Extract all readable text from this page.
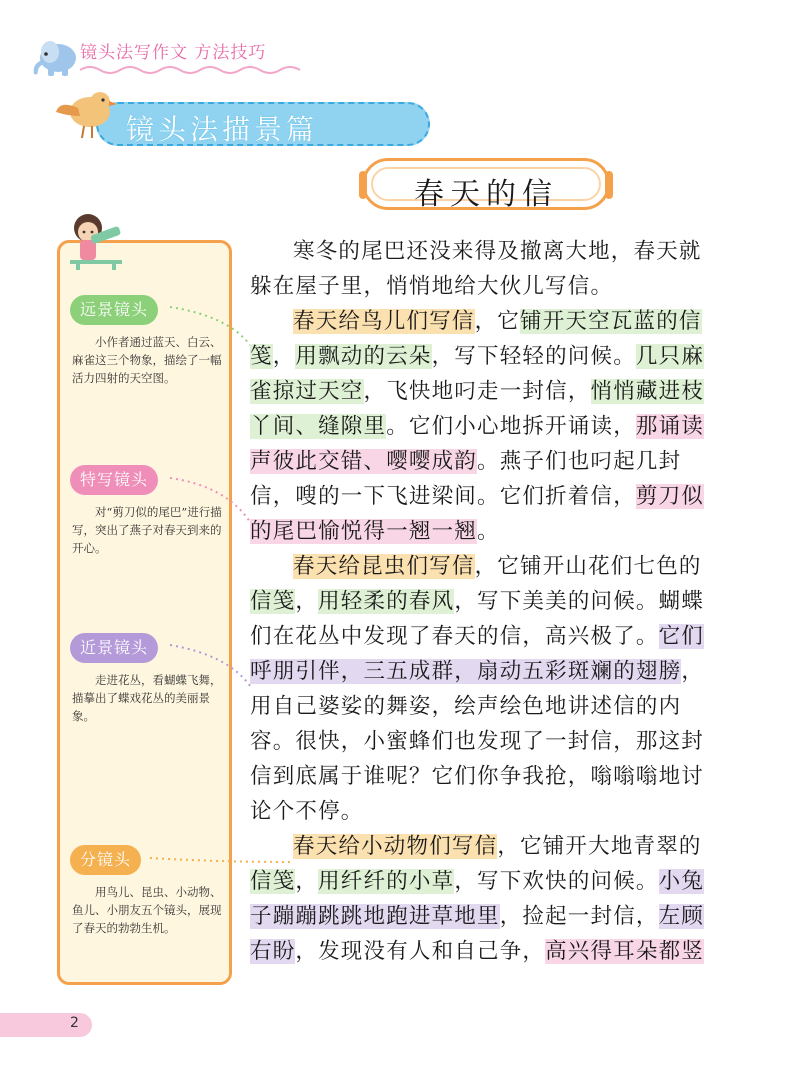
镜头法写作文 方法技巧
镜头法描景篇
春天的信
远景镜头
小作者通过蓝天、白云、麻雀这三个物象，描绘了一幅活力四射的天空图。
特写镜头
对“剪刀似的尾巴”进行描写，突出了燕子对春天到来的开心。
近景镜头
走进花丛，看蝴蝶飞舞，描摹出了蝶戏花丛的美丽景象。
分镜头
用鸟儿、昆虫、小动物、鱼儿、小朋友五个镜头，展现了春天的勃勃生机。

寒冬的尾巴还没来得及撤离大地，春天就躲在屋子里，悄悄地给大伙儿写信。

春天给鸟儿们写信，它铺开天空瓦蓝的信笺，用飘动的云朵，写下轻轻的问候。几只麻雀掠过天空，飞快地叼走一封信，悄悄藏进枝丫间、缝隙里。它们小心地拆开诵读，那诵读声彼此交错、嘤嘤成韵。燕子们也叼起几封信，嗖的一下飞进梁间。它们折着信，剪刀似的尾巴愉悦得一翘一翘。

春天给昆虫们写信，它铺开山花们七色的信笺，用轻柔的春风，写下美美的问候。蝴蝶们在花丛中发现了春天的信，高兴极了。它们呼朋引伴，三五成群，扇动五彩斑斓的翅膀，用自己婆娑的舞姿，绘声绘色地讲述信的内容。很快，小蜜蜂们也发现了一封信，那这封信到底属于谁呢？它们你争我抢，嗡嗡嗡地讨论个不停。

春天给小动物们写信，它铺开大地青翠的信笺，用纤纤的小草，写下欢快的问候。小兔子蹦蹦跳跳地跑进草地里，捡起一封信，左顾右盼，发现没有人和自己争，高兴得耳朵都竖

2
